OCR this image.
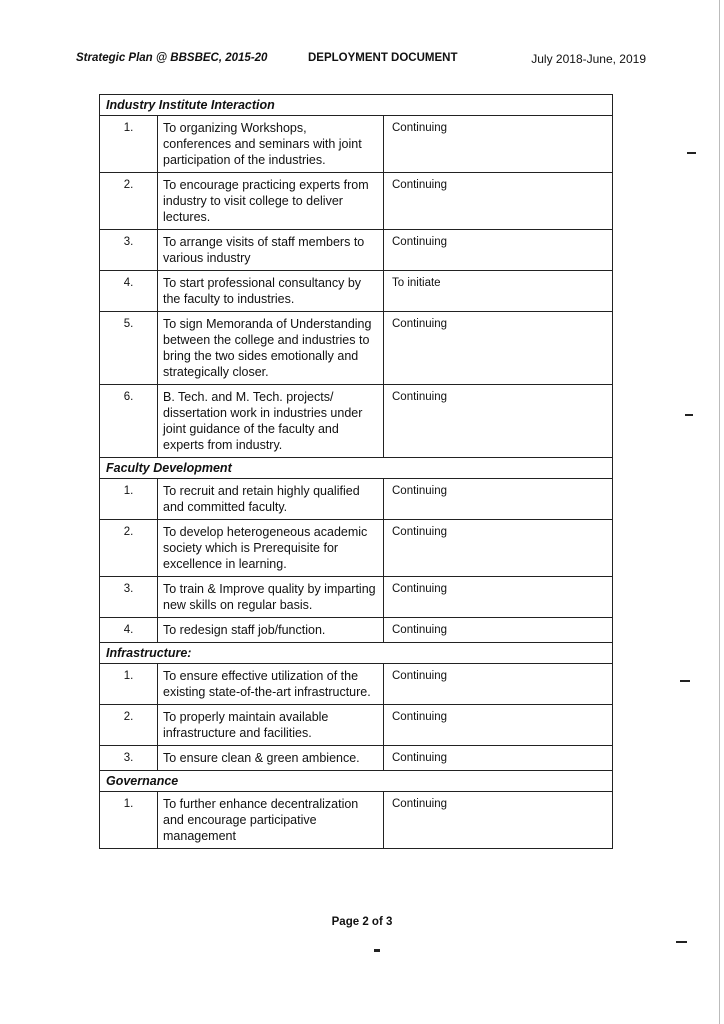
Strategic Plan @ BBSBEC, 2015-20	DEPLOYMENT DOCUMENT	July 2018-June, 2019
Industry Institute Interaction		
1.	To organizing Workshops, conferences and seminars with joint participation of the industries.	Continuing
2.	To encourage practicing experts from industry to visit college to deliver lectures.	Continuing
3.	To arrange visits of staff members to various industry	Continuing
4.	To start professional consultancy by the faculty to industries.	To initiate
5.	To sign Memoranda of Understanding between the college and industries to bring the two sides emotionally and strategically closer.	Continuing
6.	B. Tech. and M. Tech. projects/ dissertation work in industries under joint guidance of the faculty and experts from industry.	Continuing
Faculty Development		
1.	To recruit and retain highly qualified and committed faculty.	Continuing
2.	To develop heterogeneous academic society which is Prerequisite for excellence in learning.	Continuing
3.	To train & Improve quality by imparting new skills on regular basis.	Continuing
4.	To redesign staff job/function.	Continuing
Infrastructure:		
1.	To ensure effective utilization of the existing state-of-the-art infrastructure.	Continuing
2.	To properly maintain available infrastructure and facilities.	Continuing
3.	To ensure clean & green ambience.	Continuing
Governance		
1.	To further enhance decentralization and encourage participative management	Continuing
Page 2 of 3
